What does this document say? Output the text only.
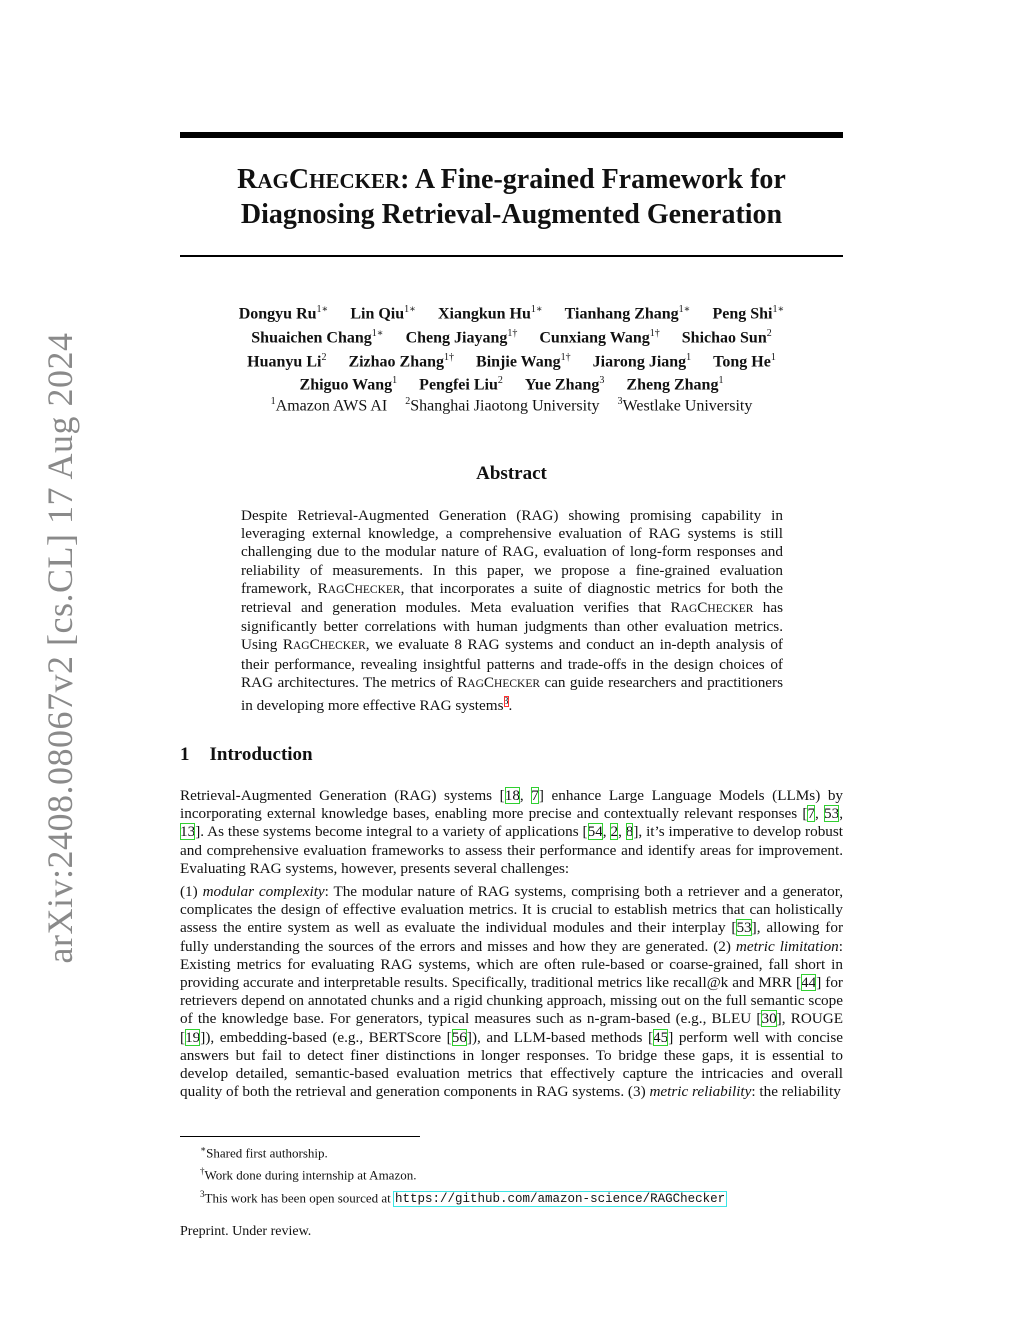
arXiv:2408.08067v2 [cs.CL] 17 Aug 2024
RAGCHECKER: A Fine-grained Framework for
Diagnosing Retrieval-Augmented Generation
Dongyu $Ru^{1∗}$ Lin Qiu$^{1∗}$ Xiangkun $Hu^{1∗}$ Tianhang Zhang$^{1∗}$ Peng Shi$^{1∗}$
Shuaichen Chang$^{1∗}$ Cheng Jiayang$^{1\dagger}$ Cunxiang Wang$^{1\dagger}$ Shichao Sun$^2$
Huanyu Li$^2$ Zizhao Zhang$^{1\dagger}$ Binjie Wang$^{1\dagger}$ Jiarong Jiang$^1$ Tong He$^1$
Zhiguo Wang$^1$ Pengfei Liu$^2$ Yue Zhang$^3$ Zheng Zhang$^1$
$^1$Amazon AWS AI $^2$Shanghai Jiaotong University $^3$Westlake University
Abstract
Despite Retrieval-Augmented Generation (RAG) showing promising capability in leveraging external knowledge, a comprehensive evaluation of RAG systems is still challenging due to the modular nature of RAG, evaluation of long-form responses and reliability of measurements. In this paper, we propose a fine-grained evaluation framework, RAGCHECKER, that incorporates a suite of diagnostic metrics for both the retrieval and generation modules. Meta evaluation verifies that RAGCHECKER has significantly better correlations with human judgments than other evaluation metrics. Using RAGCHECKER, we evaluate 8 RAG systems and conduct an in-depth analysis of their performance, revealing insightful patterns and trade-offs in the design choices of RAG architectures. The metrics of RAGCHECKER can guide researchers and practitioners in developing more effective RAG systems$^3$.
1 Introduction

Retrieval-Augmented Generation (RAG) systems [18, 7] enhance Large Language Models (LLMs) by incorporating external knowledge bases, enabling more precise and contextually relevant responses [7, 53, 13]. As these systems become integral to a variety of applications [54, 2, 8], it’s imperative to develop robust and comprehensive evaluation frameworks to assess their performance and identify areas for improvement. Evaluating RAG systems, however, presents several challenges:

(1) modular complexity: The modular nature of RAG systems, comprising both a retriever and a generator, complicates the design of effective evaluation metrics. It is crucial to establish metrics that can holistically assess the entire system as well as evaluate the individual modules and their interplay [53], allowing for fully understanding the sources of the errors and misses and how they are generated. (2) metric limitation: Existing metrics for evaluating RAG systems, which are often rule-based or coarse-grained, fall short in providing accurate and interpretable results. Specifically, traditional metrics like recall@k and MRR [44] for retrievers depend on annotated chunks and a rigid chunking approach, missing out on the full semantic scope of the knowledge base. For generators, typical measures such as n-gram-based (e.g., BLEU [30], ROUGE [19]), embedding-based (e.g., BERTScore [56]), and LLM-based methods [45] perform well with concise answers but fail to detect finer distinctions in longer responses. To bridge these gaps, it is essential to develop detailed, semantic-based evaluation metrics that effectively capture the intricacies and overall quality of both the retrieval and generation components in RAG systems. (3) metric reliability: the reliability

∗Shared first authorship.
†Work done during internship at Amazon.
$^3$This work has been open sourced at https://github.com/amazon-science/RAGChecker
Preprint. Under review.
